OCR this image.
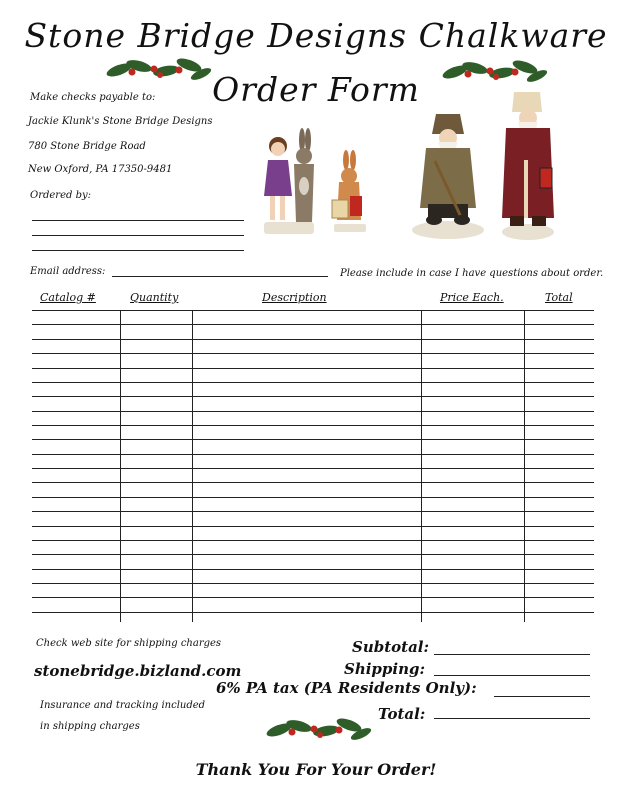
Stone Bridge Designs Chalkware
Order Form
Make checks payable to:
Jackie Klunk's Stone Bridge Designs
780 Stone Bridge Road
New Oxford, PA 17350-9481
Ordered by:
Email address:	Please include in case I have questions about order.
Catalog #	Quantity	Description	Price Each.	Total
Check web site for shipping charges
stonebridge.bizland.com
Insurance and tracking included
in shipping charges
Subtotal:
Shipping:
6% PA tax (PA Residents Only):
Total:
Thank You For Your Order!
